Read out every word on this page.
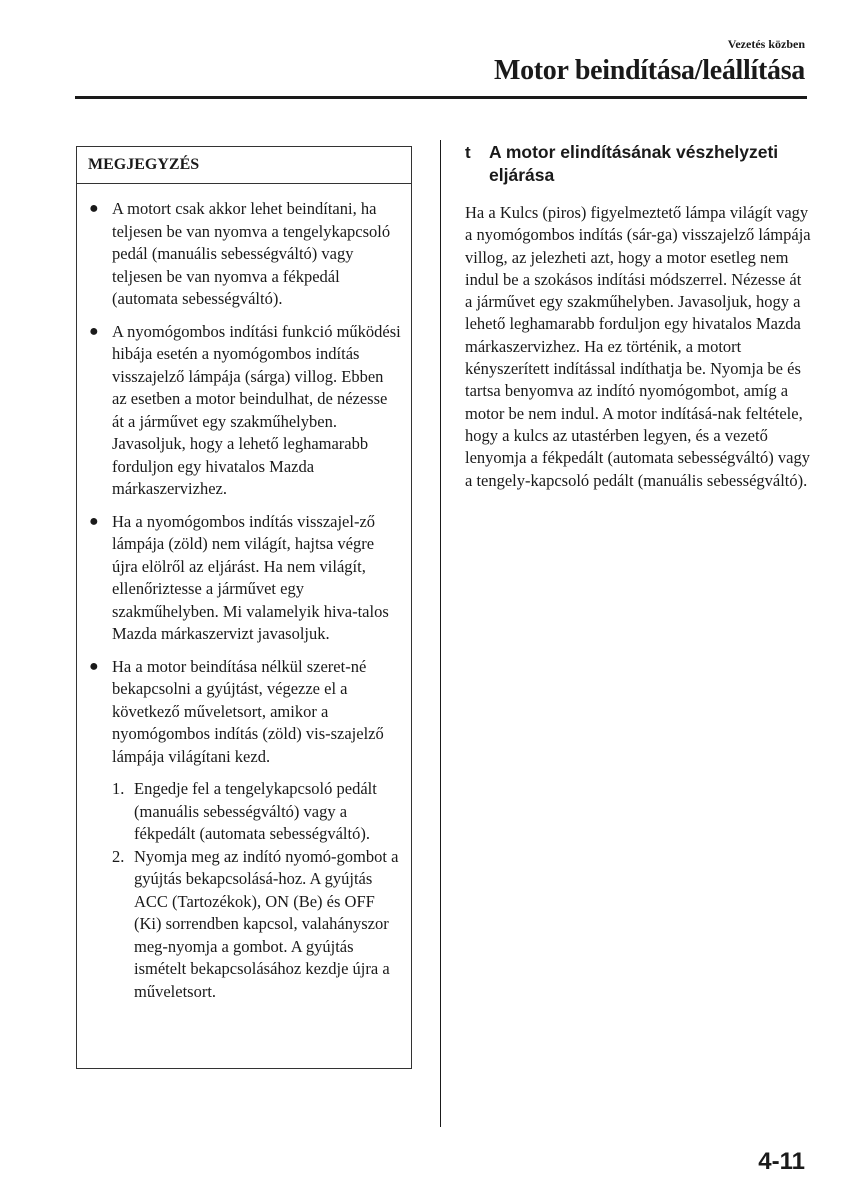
Vezetés közben
Motor beindítása/leállítása
MEGJEGYZÉS
● A motort csak akkor lehet beindítani, ha teljesen be van nyomva a tengelykapcsoló pedál (manuális sebességváltó) vagy teljesen be van nyomva a fékpedál (automata sebességváltó).
● A nyomógombos indítási funkció működési hibája esetén a nyomógombos indítás visszajelző lámpája (sárga) villog. Ebben az esetben a motor beindulhat, de nézesse át a járművet egy szakműhelyben. Javasoljuk, hogy a lehető leghamarabb forduljon egy hivatalos Mazda márkaszervizhez.
● Ha a nyomógombos indítás visszajel-ző lámpája (zöld) nem világít, hajtsa végre újra elölről az eljárást. Ha nem világít, ellenőriztesse a járművet egy szakműhelyben. Mi valamelyik hiva-talos Mazda márkaszervizt javasoljuk.
● Ha a motor beindítása nélkül szeret-né bekapcsolni a gyújtást, végezze el a következő műveletsort, amikor a nyomógombos indítás (zöld) vis-szajelző lámpája világítani kezd.
1. Engedje fel a tengelykapcsoló pedált (manuális sebességváltó) vagy a fékpedált (automata sebességváltó).
2. Nyomja meg az indító nyomó-gombot a gyújtás bekapcsolásá-hoz. A gyújtás ACC (Tartozékok), ON (Be) és OFF (Ki) sorrendben kapcsol, valahányszor meg-nyomja a gombot. A gyújtás ismételt bekapcsolásához kezdje újra a műveletsort.
t A motor elindításának vészhelyzeti eljárása
Ha a Kulcs (piros) figyelmeztető lámpa világít vagy a nyomógombos indítás (sár-ga) visszajelző lámpája villog, az jelezheti azt, hogy a motor esetleg nem indul be a szokásos indítási módszerrel. Nézesse át a járművet egy szakműhelyben. Javasoljuk, hogy a lehető leghamarabb forduljon egy hivatalos Mazda márkaszervizhez. Ha ez történik, a motort kényszerített indítással indíthatja be. Nyomja be és tartsa benyomva az indító nyomógombot, amíg a motor be nem indul. A motor indításá-nak feltétele, hogy a kulcs az utastérben legyen, és a vezető lenyomja a fékpedált (automata sebességváltó) vagy a tengely-kapcsoló pedált (manuális sebességváltó).
4-11
